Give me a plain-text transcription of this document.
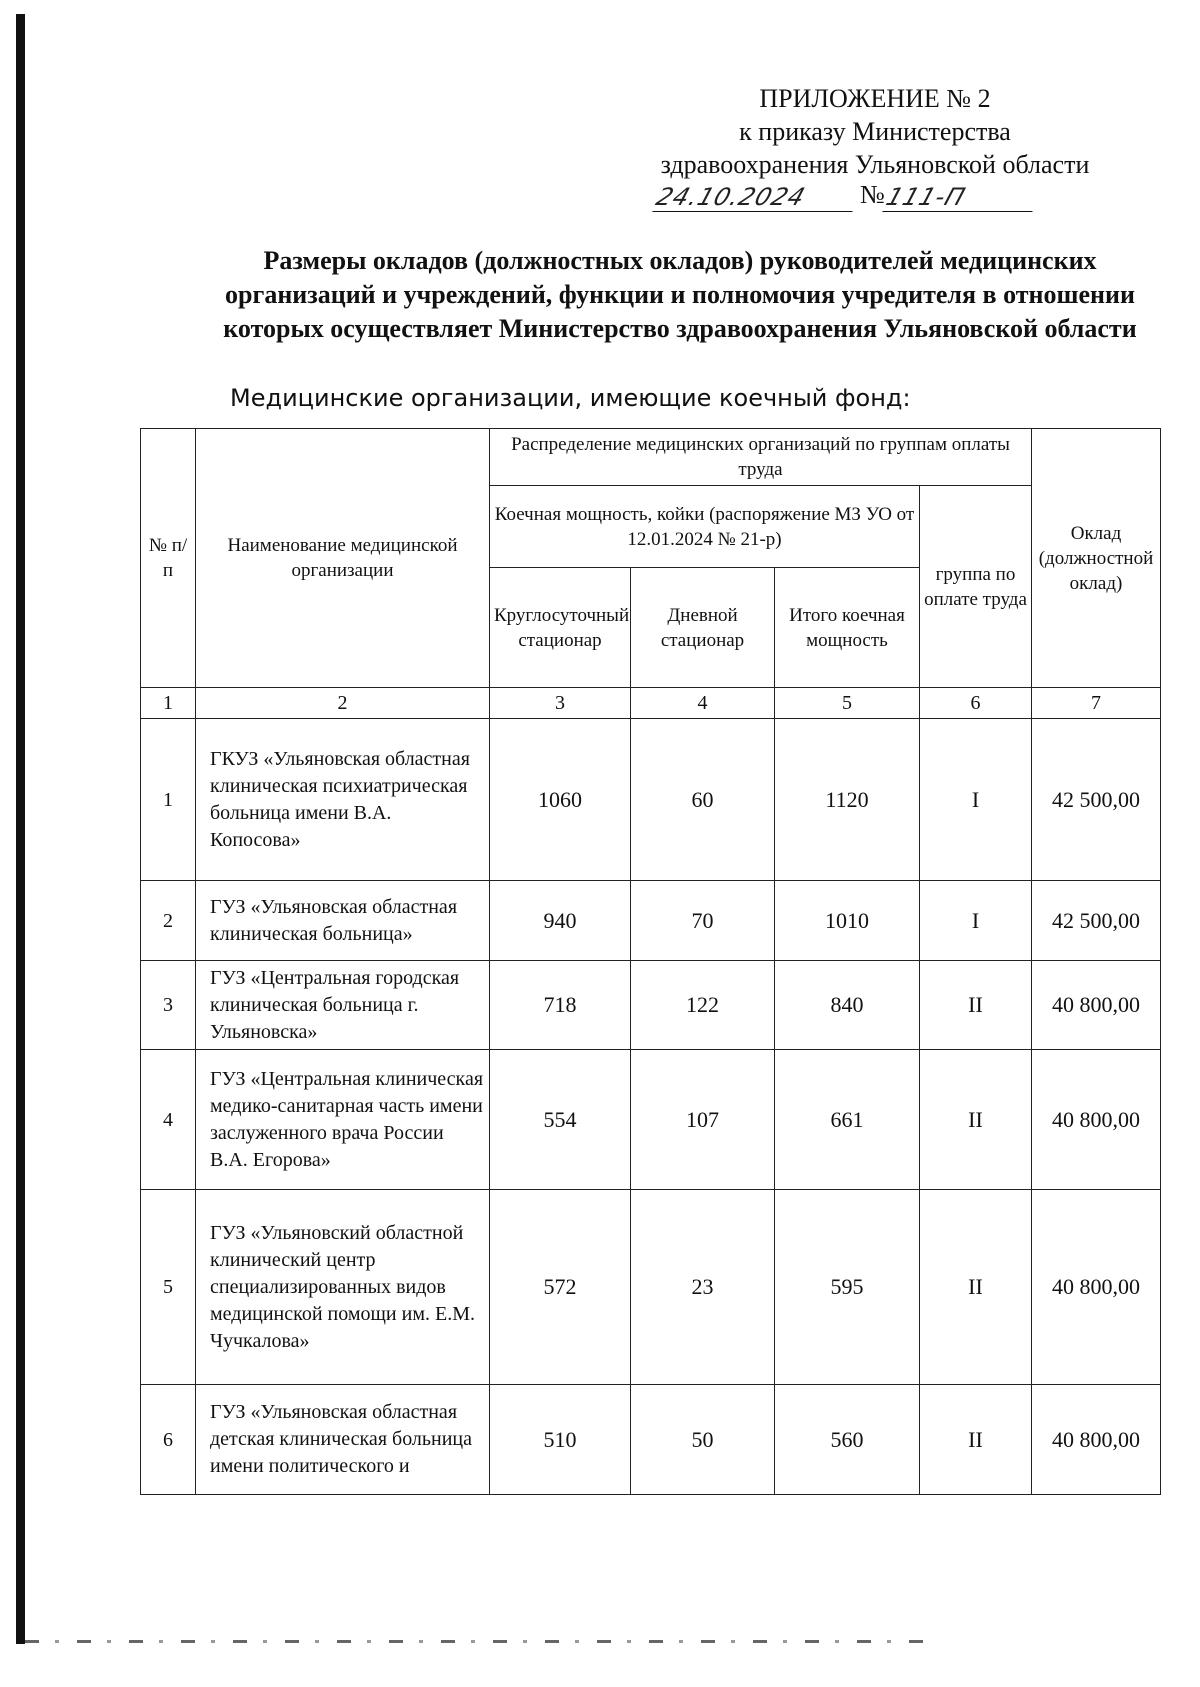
ПРИЛОЖЕНИЕ № 2
к приказу Министерства
здравоохранения Ульяновской области
24.10.2024	№
111-П
Размеры окладов (должностных окладов) руководителей медицинских организаций и учреждений, функции и полномочия учредителя в отношении которых осуществляет Министерство здравоохранения Ульяновской области
Медицинские организации, имеющие коечный фонд:
№ п/п	Наименование медицинской организации	Распределение медицинских организаций по группам оплаты труда				Оклад (должностной оклад)
		Коечная мощность, койки (распоряжение МЗ УО от 12.01.2024 № 21-р)			группа по оплате труда	
		Круглосуточный стационар	Дневной стационар	Итого коечная мощность		
1	2	3	4	5	6	7
1	ГКУЗ «Ульяновская областная клиническая психиатрическая больница имени В.А. Копосова»	1060	60	1120	I	42 500,00
2	ГУЗ «Ульяновская областная клиническая больница»	940	70	1010	I	42 500,00
3	ГУЗ «Центральная городская клиническая больница г. Ульяновска»	718	122	840	II	40 800,00
4	ГУЗ «Центральная клиническая медико-санитарная часть имени заслуженного врача России В.А. Егорова»	554	107	661	II	40 800,00
5	ГУЗ «Ульяновский областной клинический центр специализированных видов медицинской помощи им. Е.М. Чучкалова»	572	23	595	II	40 800,00
6	ГУЗ «Ульяновская областная детская клиническая больница имени политического и	510	50	560	II	40 800,00
